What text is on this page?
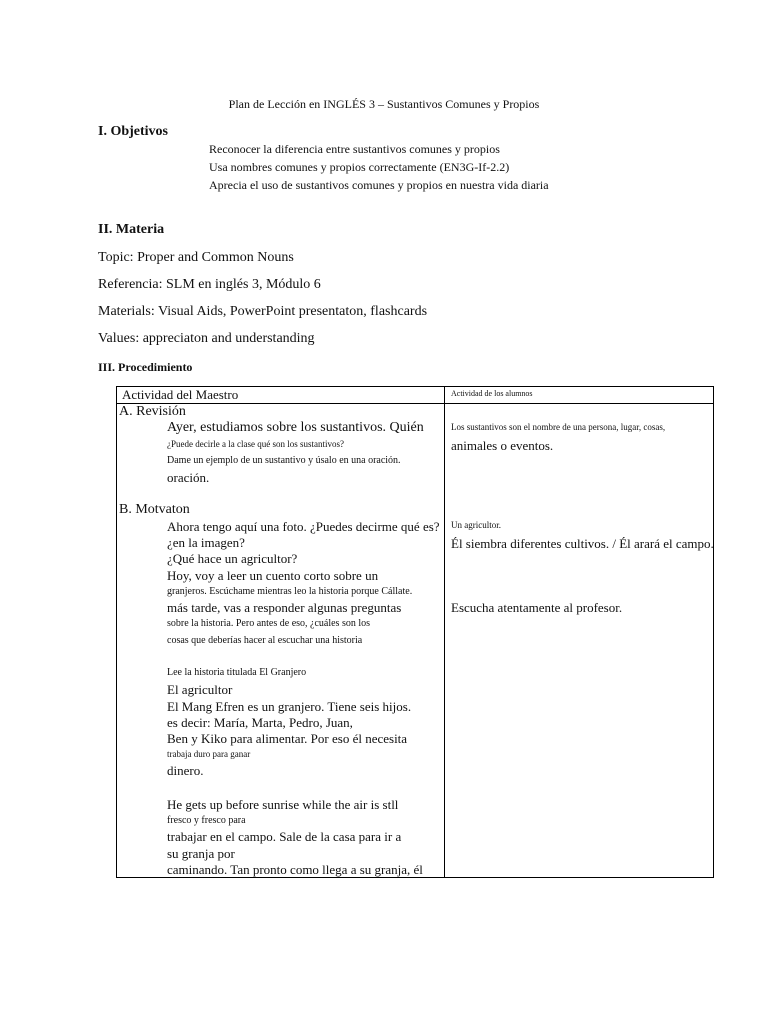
Plan de Lección en INGLÉS 3 – Sustantivos Comunes y Propios
I. Objetivos
Reconocer la diferencia entre sustantivos comunes y propios
Usa nombres comunes y propios correctamente (EN3G-If-2.2)
Aprecia el uso de sustantivos comunes y propios en nuestra vida diaria
II. Materia
Topic: Proper and Common Nouns
Referencia: SLM en inglés 3, Módulo 6
Materials: Visual Aids, PowerPoint presentaton, flashcards
Values: appreciaton and understanding
III. Procedimiento
Actividad del Maestro	Actividad de los alumnos
A. Revisión
Ayer, estudiamos sobre los sustantivos. Quién
¿Puede decirle a la clase qué son los sustantivos?
Dame un ejemplo de un sustantivo y úsalo en una oración.
oración.
Los sustantivos son el nombre de una persona, lugar, cosas,
animales o eventos.
B. Motvaton
Ahora tengo aquí una foto. ¿Puedes decirme qué es?
¿en la imagen?
¿Qué hace un agricultor?
Hoy, voy a leer un cuento corto sobre un
granjeros. Escúchame mientras leo la historia porque Cállate.
más tarde, vas a responder algunas preguntas
sobre la historia. Pero antes de eso, ¿cuáles son los
cosas que deberías hacer al escuchar una historia
Lee la historia titulada El Granjero
El agricultor
El Mang Efren es un granjero. Tiene seis hijos.
es decir: María, Marta, Pedro, Juan,
Ben y Kiko para alimentar. Por eso él necesita
trabaja duro para ganar
dinero.
He gets up before sunrise while the air is stll
fresco y fresco para
trabajar en el campo. Sale de la casa para ir a
su granja por
caminando. Tan pronto como llega a su granja, él
Un agricultor.
Él siembra diferentes cultivos. / Él arará el campo.
Escucha atentamente al profesor.
